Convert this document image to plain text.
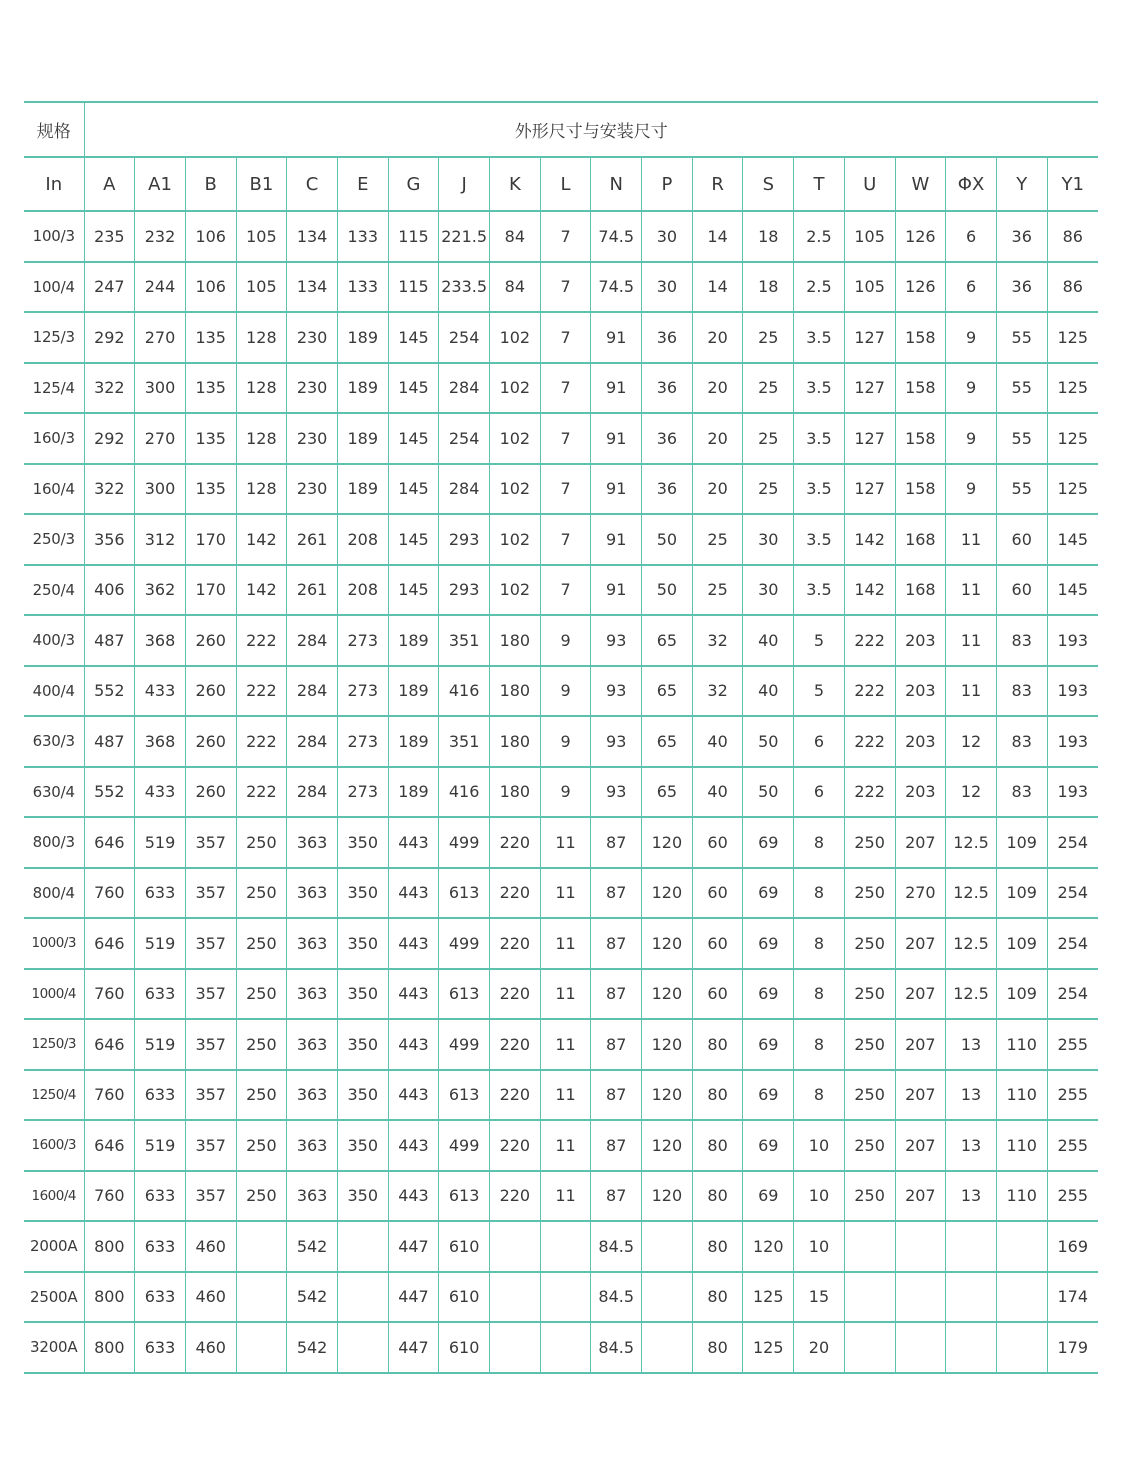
规格	外形尺寸与安装尺寸																			
In	A	A1	B	B1	C	E	G	J	K	L	N	P	R	S	T	U	W	ΦX	Y	Y1
100/3	235	232	106	105	134	133	115	221.5	84	7	74.5	30	14	18	2.5	105	126	6	36	86
100/4	247	244	106	105	134	133	115	233.5	84	7	74.5	30	14	18	2.5	105	126	6	36	86
125/3	292	270	135	128	230	189	145	254	102	7	91	36	20	25	3.5	127	158	9	55	125
125/4	322	300	135	128	230	189	145	284	102	7	91	36	20	25	3.5	127	158	9	55	125
160/3	292	270	135	128	230	189	145	254	102	7	91	36	20	25	3.5	127	158	9	55	125
160/4	322	300	135	128	230	189	145	284	102	7	91	36	20	25	3.5	127	158	9	55	125
250/3	356	312	170	142	261	208	145	293	102	7	91	50	25	30	3.5	142	168	11	60	145
250/4	406	362	170	142	261	208	145	293	102	7	91	50	25	30	3.5	142	168	11	60	145
400/3	487	368	260	222	284	273	189	351	180	9	93	65	32	40	5	222	203	11	83	193
400/4	552	433	260	222	284	273	189	416	180	9	93	65	32	40	5	222	203	11	83	193
630/3	487	368	260	222	284	273	189	351	180	9	93	65	40	50	6	222	203	12	83	193
630/4	552	433	260	222	284	273	189	416	180	9	93	65	40	50	6	222	203	12	83	193
800/3	646	519	357	250	363	350	443	499	220	11	87	120	60	69	8	250	207	12.5	109	254
800/4	760	633	357	250	363	350	443	613	220	11	87	120	60	69	8	250	270	12.5	109	254
1000/3	646	519	357	250	363	350	443	499	220	11	87	120	60	69	8	250	207	12.5	109	254
1000/4	760	633	357	250	363	350	443	613	220	11	87	120	60	69	8	250	207	12.5	109	254
1250/3	646	519	357	250	363	350	443	499	220	11	87	120	80	69	8	250	207	13	110	255
1250/4	760	633	357	250	363	350	443	613	220	11	87	120	80	69	8	250	207	13	110	255
1600/3	646	519	357	250	363	350	443	499	220	11	87	120	80	69	10	250	207	13	110	255
1600/4	760	633	357	250	363	350	443	613	220	11	87	120	80	69	10	250	207	13	110	255
2000A	800	633	460		542		447	610			84.5		80	120	10					169
2500A	800	633	460		542		447	610			84.5		80	125	15					174
3200A	800	633	460		542		447	610			84.5		80	125	20					179
